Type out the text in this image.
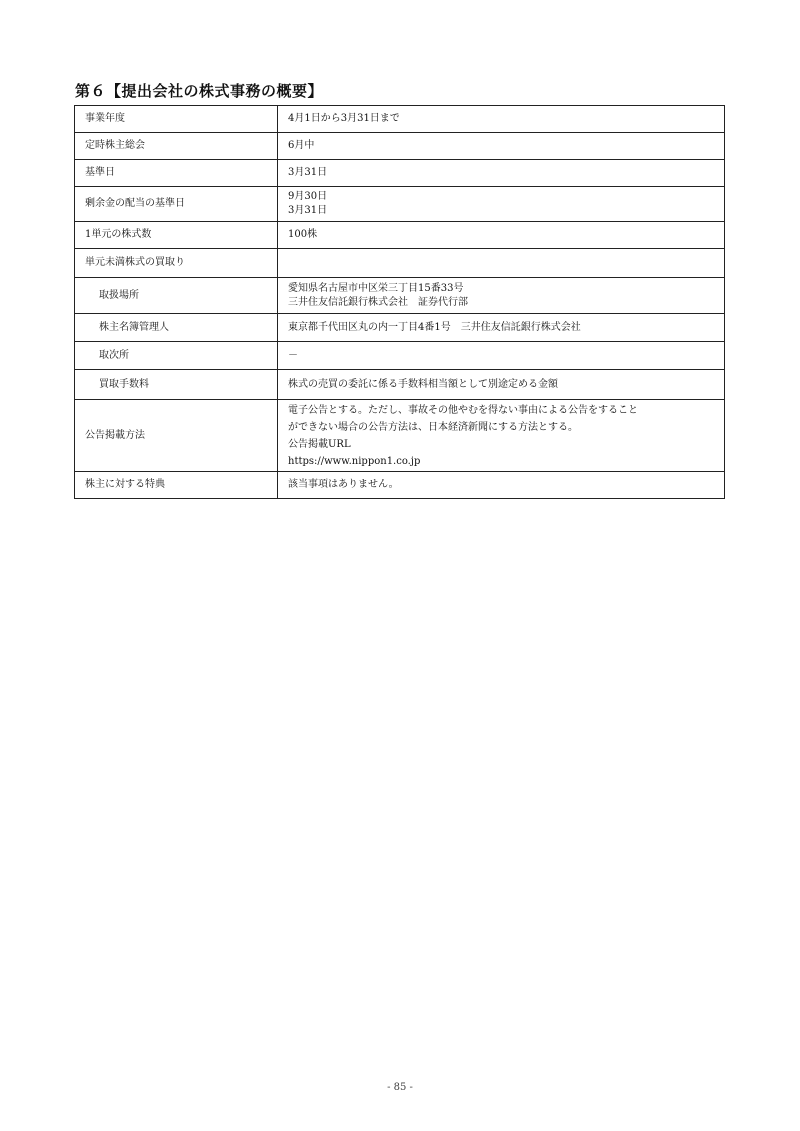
第６【提出会社の株式事務の概要】
事業年度	4月1日から3月31日まで
定時株主総会	6月中
基準日	3月31日
剰余金の配当の基準日	9月30日
3月31日

1単元の株式数	100株
単元未満株式の買取り	
取扱場所	愛知県名古屋市中区栄三丁目15番33号
三井住友信託銀行株式会社　証券代行部

株主名簿管理人	東京都千代田区丸の内一丁目4番1号　三井住友信託銀行株式会社
取次所	－
買取手数料	株式の売買の委託に係る手数料相当額として別途定める金額
公告掲載方法	電子公告とする。ただし、事故その他やむを得ない事由による公告をすること
ができない場合の公告方法は、日本経済新聞にする方法とする。
公告掲載URL
https://www.nippon1.co.jp

株主に対する特典	該当事項はありません。
- 85 -
